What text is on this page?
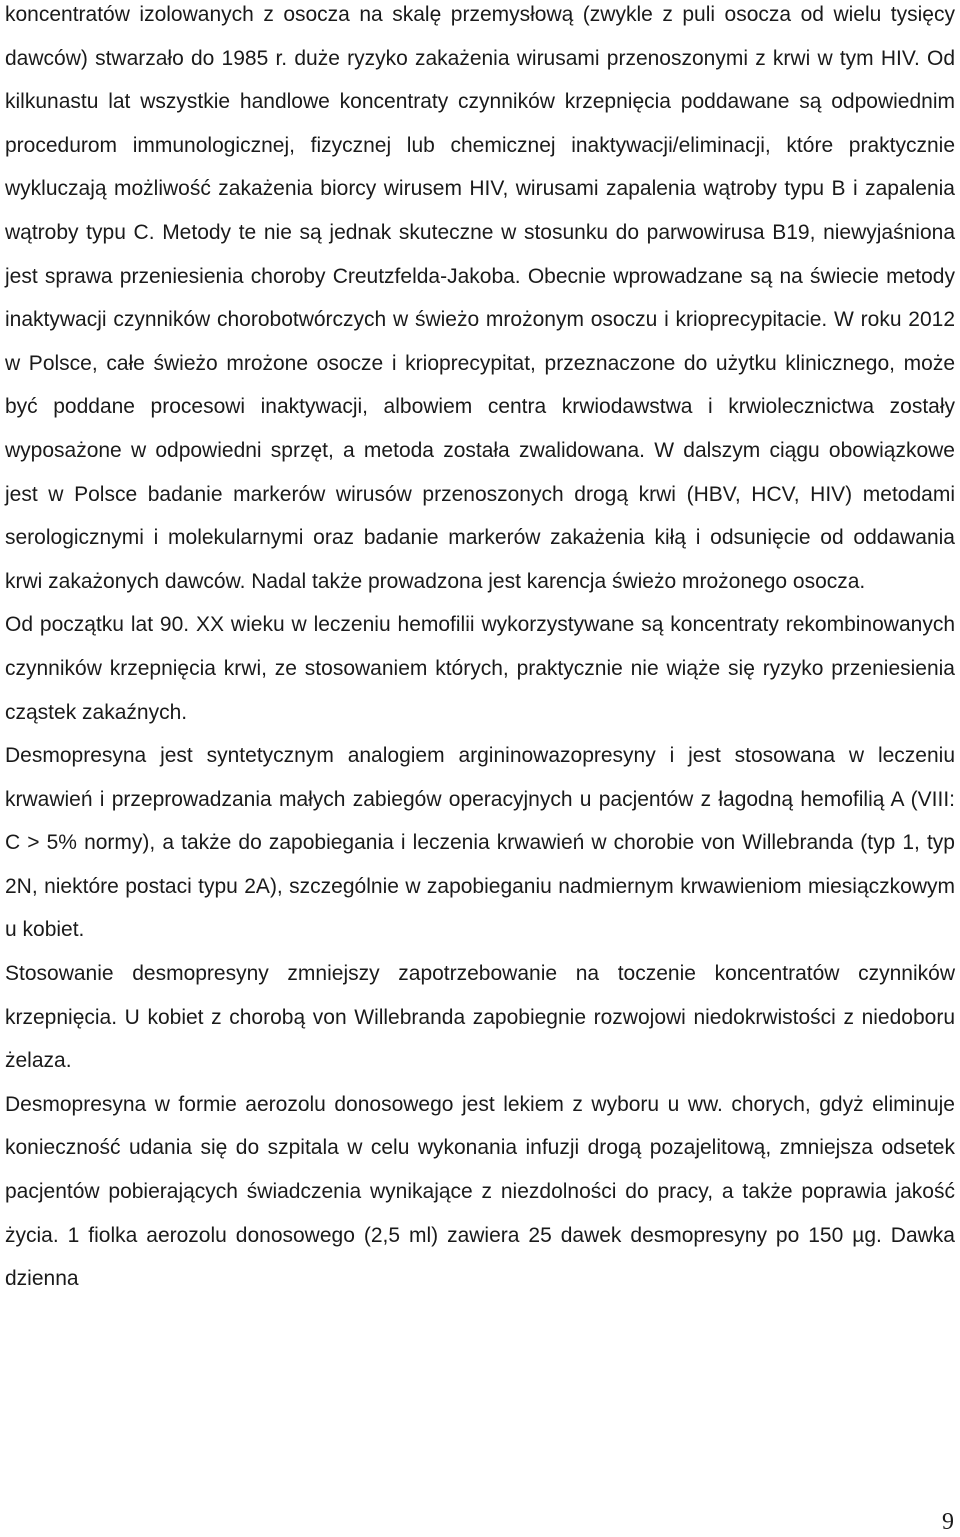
koncentratów izolowanych z osocza na skalę przemysłową (zwykle z puli osocza od wielu tysięcy dawców) stwarzało do 1985 r. duże ryzyko zakażenia wirusami przenoszonymi z krwi w tym HIV. Od kilkunastu lat wszystkie handlowe koncentraty czynników krzepnięcia poddawane są odpowiednim procedurom immunologicznej, fizycznej lub chemicznej inaktywacji/eliminacji, które praktycznie wykluczają możliwość zakażenia biorcy wirusem HIV, wirusami zapalenia wątroby typu B i zapalenia wątroby typu C. Metody te nie są jednak skuteczne w stosunku do parwowirusa B19, niewyjaśniona jest sprawa przeniesienia choroby Creutzfelda-Jakoba. Obecnie wprowadzane są na świecie metody inaktywacji czynników chorobotwórczych w świeżo mrożonym osoczu i krioprecypitacie. W roku 2012 w Polsce, całe świeżo mrożone osocze i krioprecypitat, przeznaczone do użytku klinicznego, może być poddane procesowi inaktywacji, albowiem centra krwiodawstwa i krwiolecznictwa zostały wyposażone w odpowiedni sprzęt, a metoda została zwalidowana. W dalszym ciągu obowiązkowe jest w Polsce badanie markerów wirusów przenoszonych drogą krwi (HBV, HCV, HIV) metodami serologicznymi i molekularnymi oraz badanie markerów zakażenia kiłą i odsunięcie od oddawania krwi zakażonych dawców. Nadal także prowadzona jest karencja świeżo mrożonego osocza.

Od początku lat 90. XX wieku w leczeniu hemofilii wykorzystywane są koncentraty rekombinowanych czynników krzepnięcia krwi, ze stosowaniem których, praktycznie nie wiąże się ryzyko przeniesienia cząstek zakaźnych.

Desmopresyna jest syntetycznym analogiem argininowazopresyny i jest stosowana w leczeniu krwawień i przeprowadzania małych zabiegów operacyjnych u pacjentów z łagodną hemofilią A (VIII: C > 5% normy), a także do zapobiegania i leczenia krwawień w chorobie von Willebranda (typ 1, typ 2N, niektóre postaci typu 2A), szczególnie w zapobieganiu nadmiernym krwawieniom miesiączkowym u kobiet.

Stosowanie desmopresyny zmniejszy zapotrzebowanie na toczenie koncentratów czynników krzepnięcia. U kobiet z chorobą von Willebranda zapobiegnie rozwojowi niedokrwistości z niedoboru żelaza.

Desmopresyna w formie aerozolu donosowego jest lekiem z wyboru u ww. chorych, gdyż eliminuje konieczność udania się do szpitala w celu wykonania infuzji drogą pozajelitową, zmniejsza odsetek pacjentów pobierających świadczenia wynikające z niezdolności do pracy, a także poprawia jakość życia. 1 fiolka aerozolu donosowego (2,5 ml) zawiera 25 dawek desmopresyny po 150 µg. Dawka dzienna

9
